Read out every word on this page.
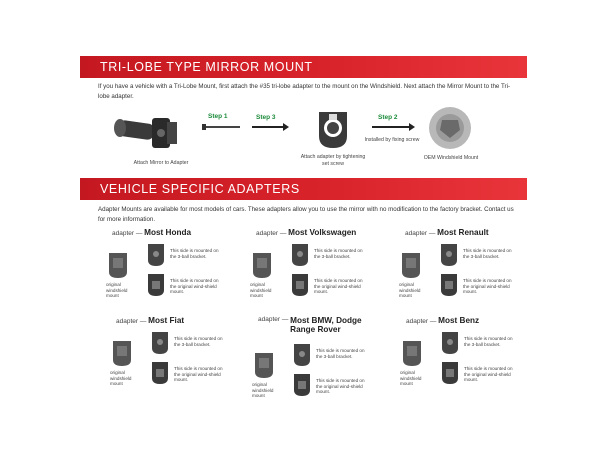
TRI-LOBE TYPE MIRROR MOUNT
If you have a vehicle with a Tri-Lobe Mount, first attach the #35 tri-lobe adapter to the mount on the Windshield. Next attach the Mirror Mount to the Tri-lobe adapter.
Attach Mirror to Adapter
Step 1	Step 3
Attach adapter by tightening set screw
Step 2
Installed by fixing screw
OEM Windshield Mount
VEHICLE SPECIFIC ADAPTERS
Adapter Mounts are available for most models of cars. These adapters allow you to use the mirror with no modification to the factory bracket. Contact us for more information.
adapter — Most Honda
original windshield mount
This side is mounted on the 3-ball bracket.
This side is mounted on the original wind-shield mount.
adapter — Most Volkswagen
original windshield mount
This side is mounted on the 3-ball bracket.
This side is mounted on the original wind-shield mount.
adapter — Most Renault
original windshield mount
This side is mounted on the 3-ball bracket.
This side is mounted on the original wind-shield mount.
adapter — Most Fiat
original windshield mount
This side is mounted on the 3-ball bracket.
This side is mounted on the original wind-shield mount.
adapter — Most BMW, Dodge Range Rover
original windshield mount
This side is mounted on the 3-ball bracket.
This side is mounted on the original wind-shield mount.
adapter — Most Benz
original windshield mount
This side is mounted on the 3-ball bracket.
This side is mounted on the original wind-shield mount.
